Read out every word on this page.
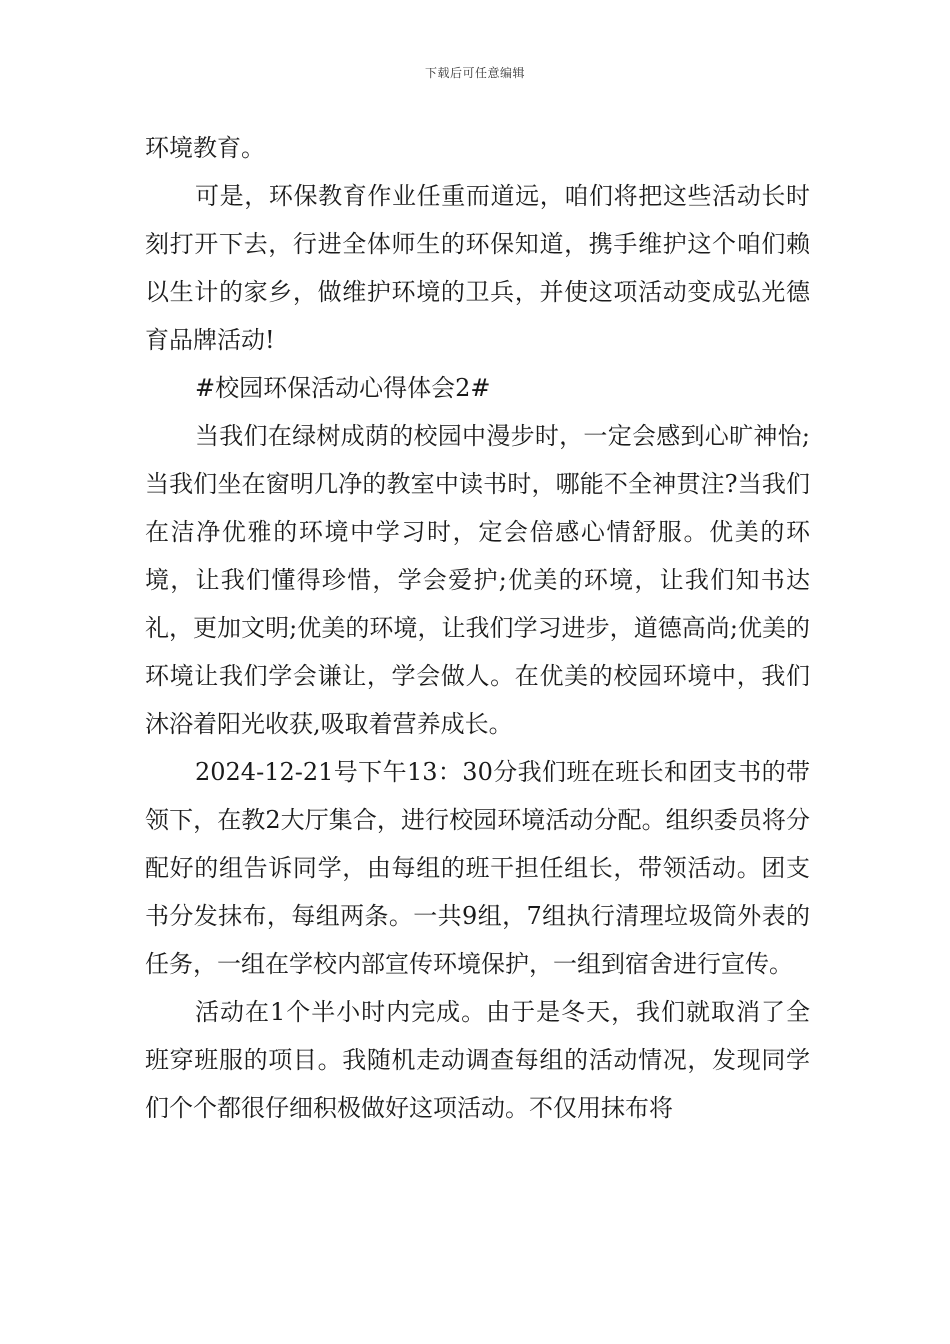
下载后可任意编辑

环境教育。

可是，环保教育作业任重而道远，咱们将把这些活动长时刻打开下去，行进全体师生的环保知道，携手维护这个咱们赖以生计的家乡，做维护环境的卫兵，并使这项活动变成弘光德育品牌活动!

#校园环保活动心得体会2#

当我们在绿树成荫的校园中漫步时，一定会感到心旷神怡;当我们坐在窗明几净的教室中读书时，哪能不全神贯注?当我们在洁净优雅的环境中学习时，定会倍感心情舒服。优美的环境，让我们懂得珍惜，学会爱护;优美的环境，让我们知书达礼，更加文明;优美的环境，让我们学习进步，道德高尚;优美的环境让我们学会谦让，学会做人。在优美的校园环境中，我们沐浴着阳光收获,吸取着营养成长。

2024-12-21号下午13：30分我们班在班长和团支书的带领下，在教2大厅集合，进行校园环境活动分配。组织委员将分配好的组告诉同学，由每组的班干担任组长，带领活动。团支书分发抹布，每组两条。一共9组，7组执行清理垃圾筒外表的任务，一组在学校内部宣传环境保护，一组到宿舍进行宣传。

活动在1个半小时内完成。由于是冬天，我们就取消了全班穿班服的项目。我随机走动调查每组的活动情况，发现同学们个个都很仔细积极做好这项活动。不仅用抹布将
